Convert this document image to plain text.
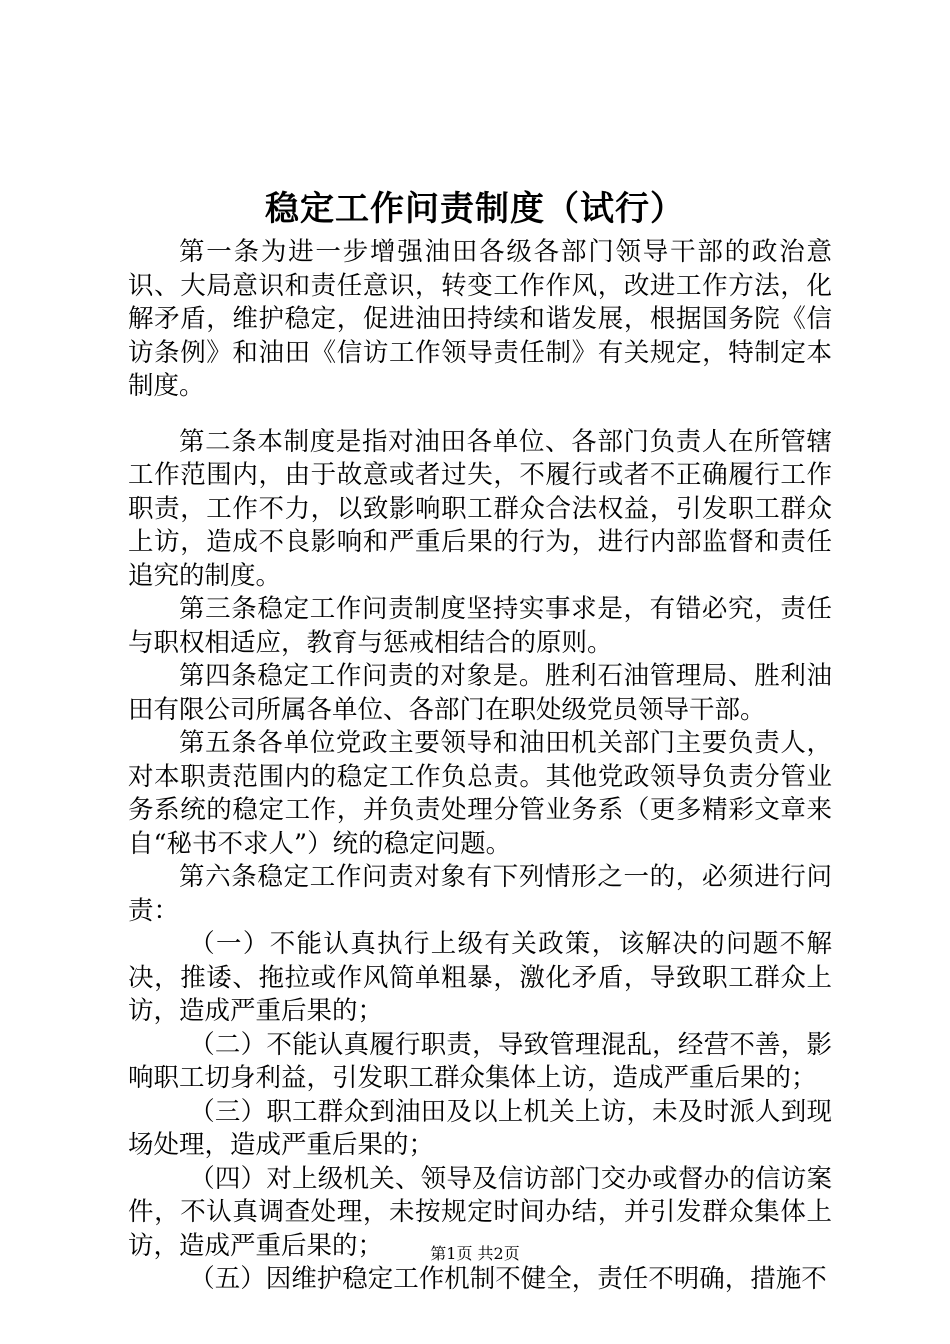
稳定工作问责制度（试行）

第一条为进一步增强油田各级各部门领导干部的政治意识、大局意识和责任意识，转变工作作风，改进工作方法，化解矛盾，维护稳定，促进油田持续和谐发展，根据国务院《信访条例》和油田《信访工作领导责任制》有关规定，特制定本制度。

第二条本制度是指对油田各单位、各部门负责人在所管辖工作范围内，由于故意或者过失，不履行或者不正确履行工作职责，工作不力，以致影响职工群众合法权益，引发职工群众上访，造成不良影响和严重后果的行为，进行内部监督和责任追究的制度。

第三条稳定工作问责制度坚持实事求是，有错必究，责任与职权相适应，教育与惩戒相结合的原则。

第四条稳定工作问责的对象是。胜利石油管理局、胜利油田有限公司所属各单位、各部门在职处级党员领导干部。

第五条各单位党政主要领导和油田机关部门主要负责人，对本职责范围内的稳定工作负总责。其他党政领导负责分管业务系统的稳定工作，并负责处理分管业务系（更多精彩文章来自“秘书不求人”）统的稳定问题。

第六条稳定工作问责对象有下列情形之一的，必须进行问责：

（一）不能认真执行上级有关政策，该解决的问题不解决，推诿、拖拉或作风简单粗暴，激化矛盾，导致职工群众上访，造成严重后果的；

（二）不能认真履行职责，导致管理混乱，经营不善，影响职工切身利益，引发职工群众集体上访，造成严重后果的；

（三）职工群众到油田及以上机关上访，未及时派人到现场处理，造成严重后果的；

（四）对上级机关、领导及信访部门交办或督办的信访案件，不认真调查处理，未按规定时间办结，并引发群众集体上访，造成严重后果的；

（五）因维护稳定工作机制不健全，责任不明确，措施不

第1页 共2页
